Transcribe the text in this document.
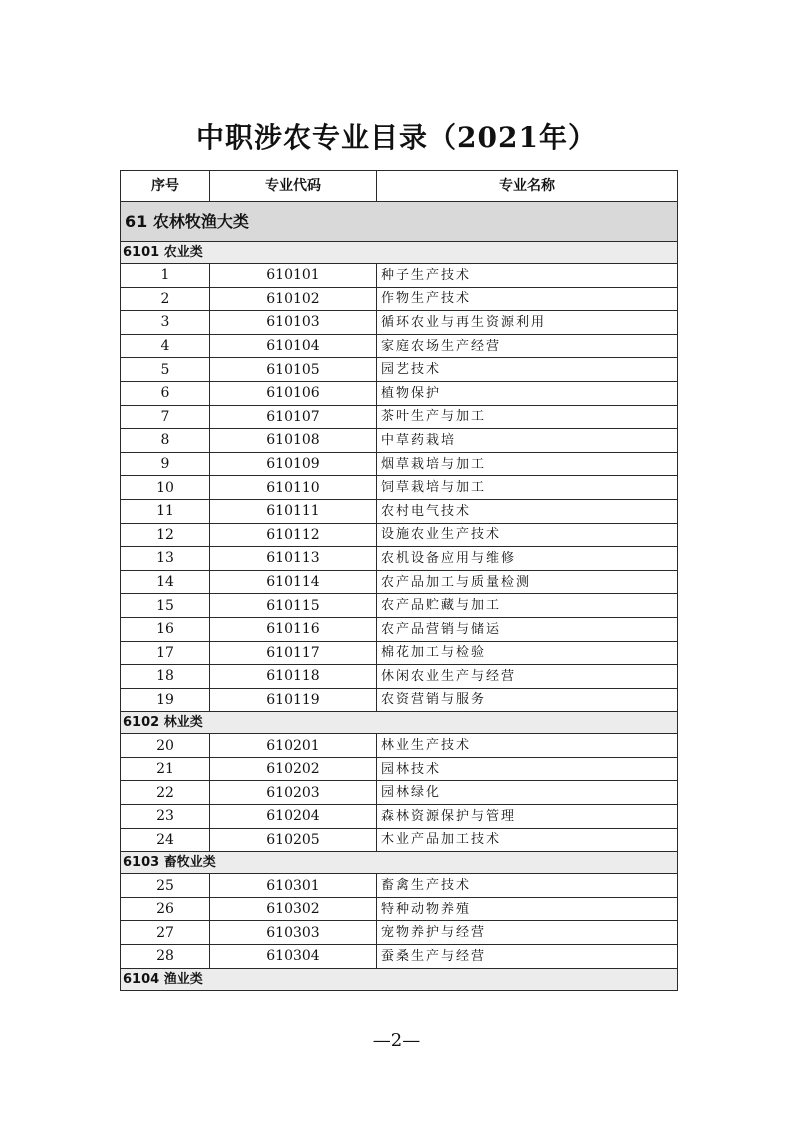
中职涉农专业目录（2021年）
序号	专业代码	专业名称
61 农林牧渔大类		
6101 农业类		
1	610101	种子生产技术
2	610102	作物生产技术
3	610103	循环农业与再生资源利用
4	610104	家庭农场生产经营
5	610105	园艺技术
6	610106	植物保护
7	610107	茶叶生产与加工
8	610108	中草药栽培
9	610109	烟草栽培与加工
10	610110	饲草栽培与加工
11	610111	农村电气技术
12	610112	设施农业生产技术
13	610113	农机设备应用与维修
14	610114	农产品加工与质量检测
15	610115	农产品贮藏与加工
16	610116	农产品营销与储运
17	610117	棉花加工与检验
18	610118	休闲农业生产与经营
19	610119	农资营销与服务
6102 林业类		
20	610201	林业生产技术
21	610202	园林技术
22	610203	园林绿化
23	610204	森林资源保护与管理
24	610205	木业产品加工技术
6103 畜牧业类		
25	610301	畜禽生产技术
26	610302	特种动物养殖
27	610303	宠物养护与经营
28	610304	蚕桑生产与经营
6104 渔业类		
—2—
